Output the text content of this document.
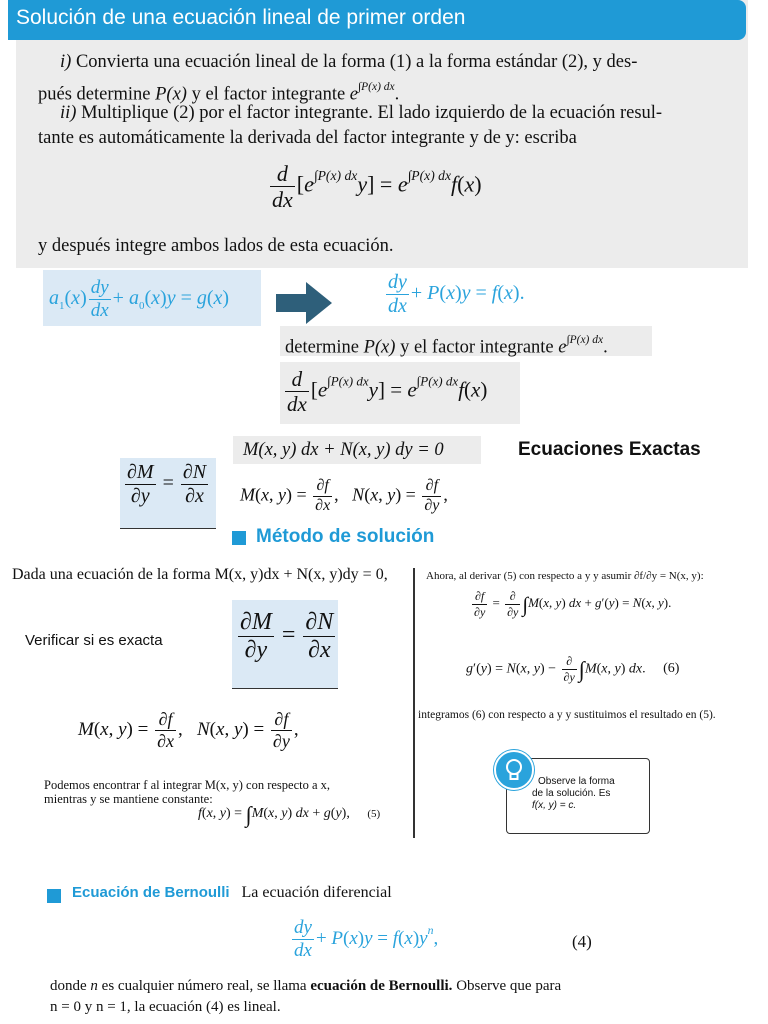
Solución de una ecuación lineal de primer orden
i) Convierta una ecuación lineal de la forma (1) a la forma estándar (2), y des-
pués determine P(x) y el factor integrante $e^{\int P(x) dx}$.
ii) Multiplique (2) por el factor integrante. El lado izquierdo de la ecuación resul-
tante es automáticamente la derivada del factor integrante y de y: escriba
$\frac{d}{dx} [e^{\int P(x) dx}y] = e^{\int P(x) dx}f(x)$
y después integre ambos lados de esta ecuación.
$a_1(x) \frac{dy}{dx} + a_0(x)y = g(x)$	$\frac{dy}{dx} + P(x)y = f(x)$.
determine P(x) y el factor integrante $e^{\int P(x) dx}$.
$\frac{d}{dx} [e^{\int P(x) dx}y] = e^{\int P(x) dx}f(x)$
M(x, y) dx + N(x, y) dy = 0	Ecuaciones Exactas
$\frac{\partial M}{\partial y} = \frac{\partial N}{\partial x} M(x$, $y) = \frac{\partial f}{\partial x}$ ,   N(x, $y) = \frac{\partial f}{\partial y}$ ,
Método de solución
Dada una ecuación de la forma M(x, y)dx + N(x, y)dy = 0,
Verificar si es exacta	$\frac{\partial M}{\partial y} = \frac{\partial N}{\partial x}$
M(x, $y) = \frac{\partial f}{\partial x}$ ,   N(x, $y) = \frac{\partial f}{\partial y}$ ,
Podemos encontrar f al integrar M(x, y) con respecto a x,
mientras y se mantiene constante:
f(x, y) = ∫M(x, y) dx + g(y), (5)
Ahora, al derivar (5) con respecto a y y asumir ∂f/∂y = N(x, y):
$\frac{\partial f}{\partial y} = \frac{\partial}{\partial y} \int M(x$, y) dx + g′(y) = N(x, y).
g′(y) = N(x, $y) - \frac{\partial}{\partial y} \int M(x$, y) dx. (6)
integramos (6) con respecto a y y sustituimos el resultado en (5).
Observe la forma
de la solución. Es
f(x, y) = c.
Ecuación de Bernoulli La ecuación diferencial
$\frac{dy}{dx} + P(x)y = f(x)y^n$,	(4)
donde n es cualquier número real, se llama ecuación de Bernoulli. Observe que para
n = 0 y n = 1, la ecuación (4) es lineal.
